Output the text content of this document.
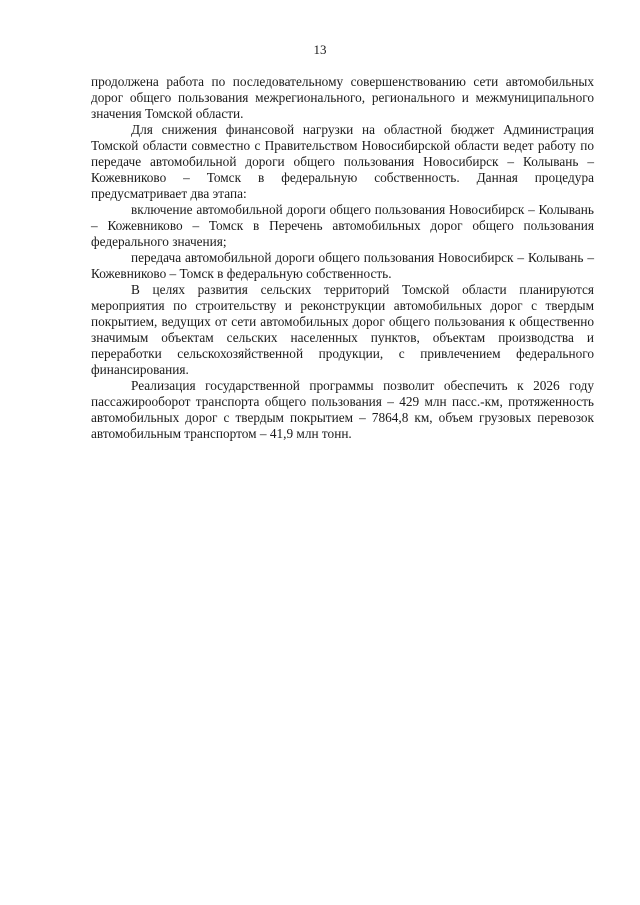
13

продолжена работа по последовательному совершенствованию сети автомобильных дорог общего пользования межрегионального, регионального и межмуниципального значения Томской области.

Для снижения финансовой нагрузки на областной бюджет Администрация Томской области совместно с Правительством Новосибирской области ведет работу по передаче автомобильной дороги общего пользования Новосибирск – Колывань – Кожевниково – Томск в федеральную собственность. Данная процедура предусматривает два этапа:

включение автомобильной дороги общего пользования Новосибирск – Колывань – Кожевниково – Томск в Перечень автомобильных дорог общего пользования федерального значения;

передача автомобильной дороги общего пользования Новосибирск – Колывань – Кожевниково – Томск в федеральную собственность.

В целях развития сельских территорий Томской области планируются мероприятия по строительству и реконструкции автомобильных дорог с твердым покрытием, ведущих от сети автомобильных дорог общего пользования к общественно значимым объектам сельских населенных пунктов, объектам производства и переработки сельскохозяйственной продукции, с привлечением федерального финансирования.

Реализация государственной программы позволит обеспечить к 2026 году пассажирооборот транспорта общего пользования – 429 млн пасс.-км, протяженность автомобильных дорог с твердым покрытием – 7864,8 км, объем грузовых перевозок автомобильным транспортом – 41,9 млн тонн.
